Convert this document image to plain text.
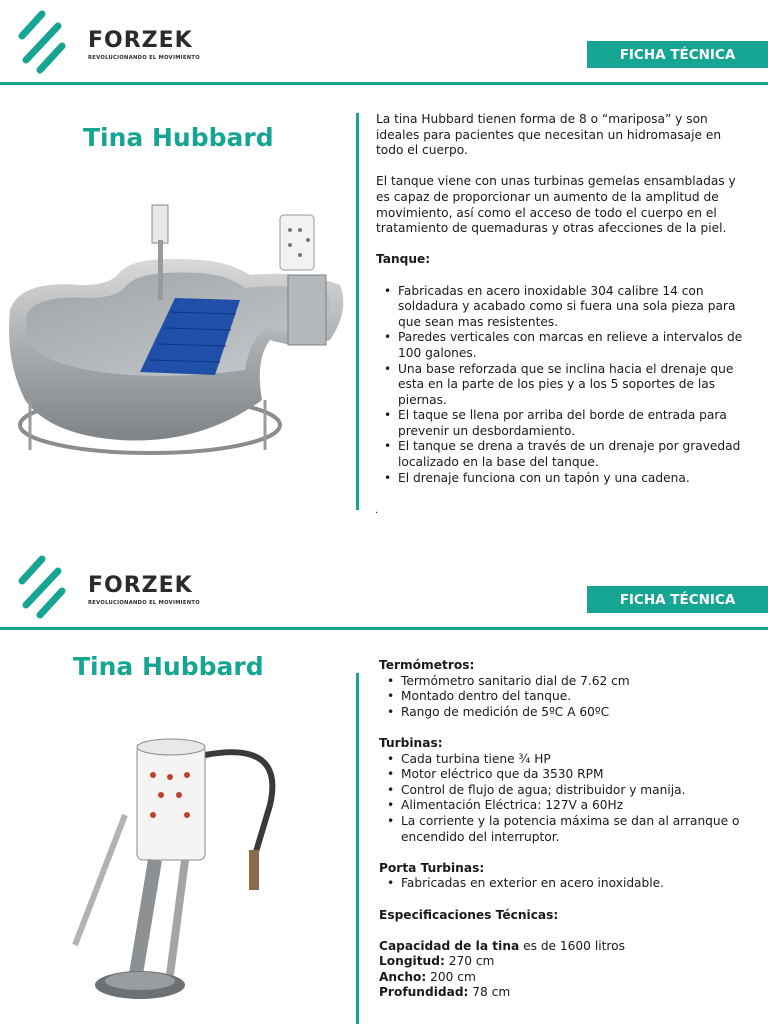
FORZEK
REVOLUCIONANDO EL MOVIMIENTO	FICHA TÉCNICA
Tina Hubbard

La tina Hubbard tienen forma de 8 o “mariposa” y son ideales para pacientes que necesitan un hidromasaje en todo el cuerpo.

El tanque viene con unas turbinas gemelas ensambladas y es capaz de proporcionar un aumento de la amplitud de movimiento, así como el acceso de todo el cuerpo en el tratamiento de quemaduras y otras afecciones de la piel.

Tanque:

• Fabricadas en acero inoxidable 304 calibre 14 con soldadura y acabado como si fuera una sola pieza para que sean mas resistentes.
• Paredes verticales con marcas en relieve a intervalos de 100 galones.
• Una base reforzada que se inclina hacia el drenaje que esta en la parte de los pies y a los 5 soportes de las piernas.
• El taque se llena por arriba del borde de entrada para prevenir un desbordamiento.
• El tanque se drena a través de un drenaje por gravedad localizado en la base del tanque.
• El drenaje funciona con un tapón y una cadena.
.
FORZEK
REVOLUCIONANDO EL MOVIMIENTO	FICHA TÉCNICA
Tina Hubbard	Termómetros:
• Termómetro sanitario dial de 7.62 cm
• Montado dentro del tanque.
• Rango de medición de 5ºC A 60ºC
Turbinas:
• Cada turbina tiene ¾ HP
• Motor eléctrico que da 3530 RPM
• Control de flujo de agua; distribuidor y manija.
• Alimentación Eléctrica: 127V a 60Hz
• La corriente y la potencia máxima se dan al arranque o encendido del interruptor.
Porta Turbinas:
• Fabricadas en exterior en acero inoxidable.
Especificaciones Técnicas:
Capacidad de la tina es de 1600 litros
Longitud: 270 cm
Ancho: 200 cm
Profundidad: 78 cm
